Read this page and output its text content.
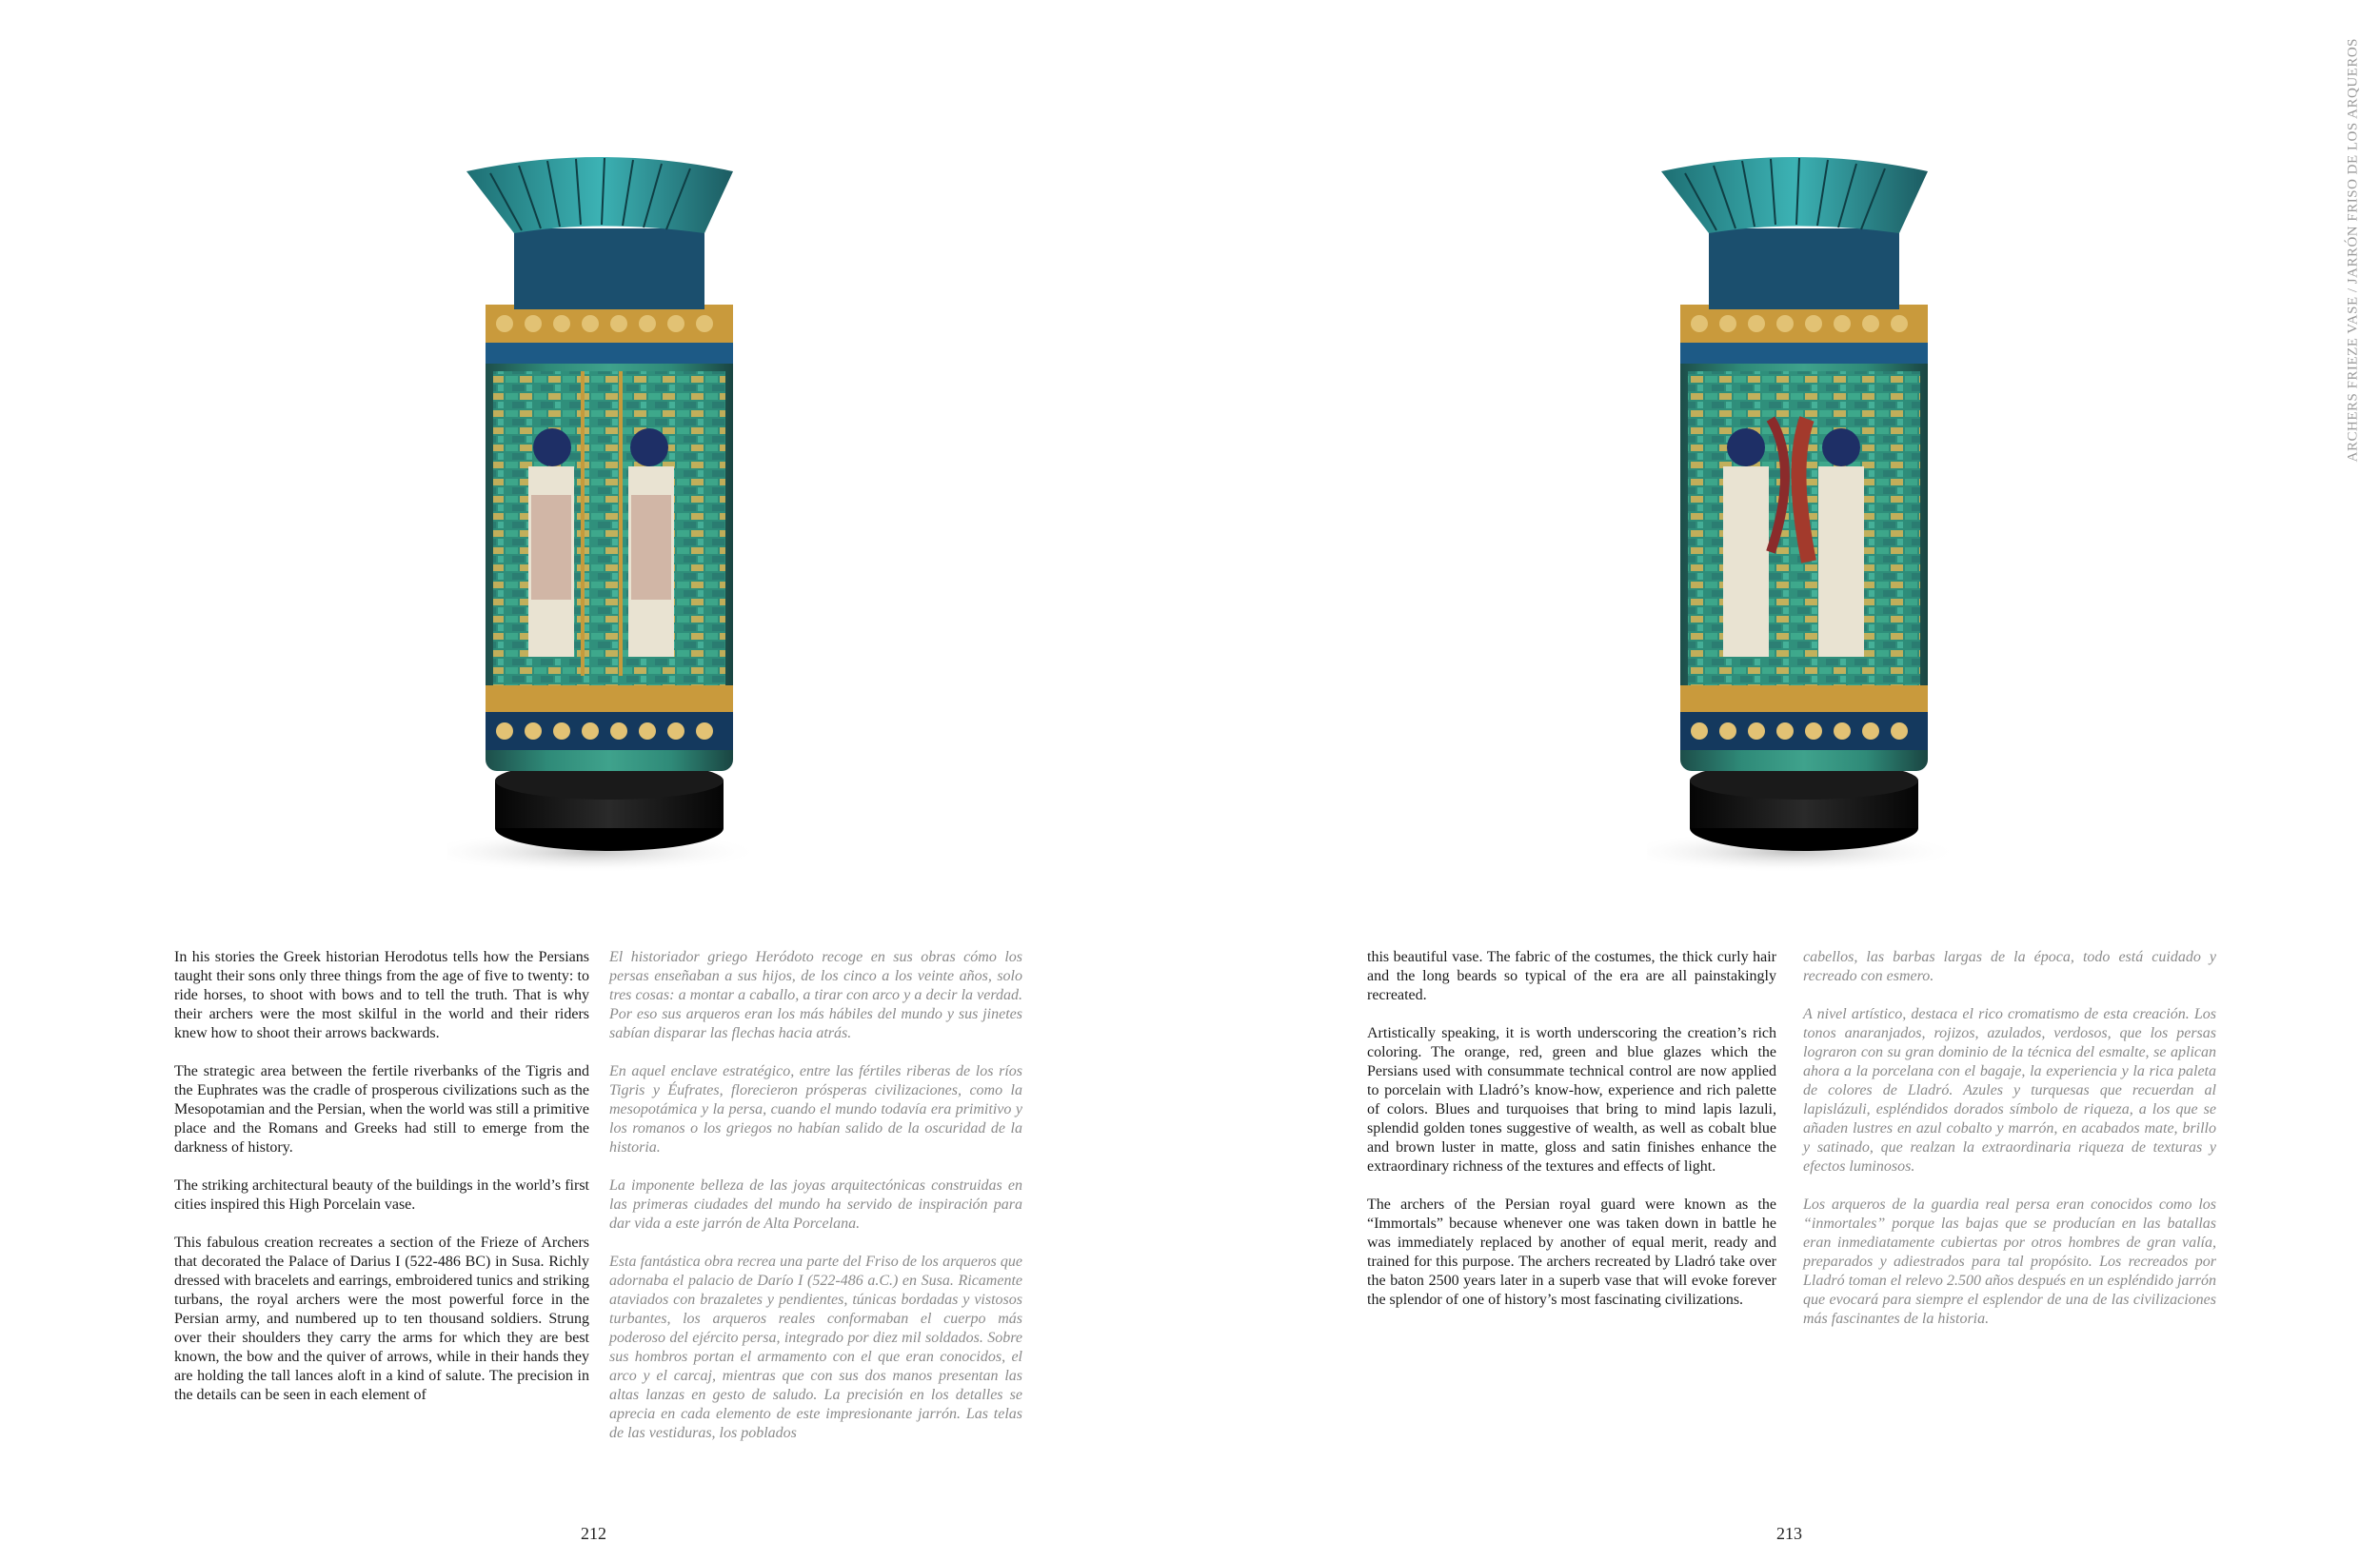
In his stories the Greek historian Herodotus tells how the Persians taught their sons only three things from the age of five to twenty: to ride horses, to shoot with bows and to tell the truth. That is why their archers were the most skilful in the world and their riders knew how to shoot their arrows backwards.

The strategic area between the fertile riverbanks of the Tigris and the Euphrates was the cradle of prosperous civilizations such as the Mesopotamian and the Persian, when the world was still a primitive place and the Romans and Greeks had still to emerge from the darkness of history.

The striking architectural beauty of the buildings in the world’s first cities inspired this High Porcelain vase.

This fabulous creation recreates a section of the Frieze of Archers that decorated the Palace of Darius I (522-486 BC) in Susa. Richly dressed with bracelets and earrings, embroidered tunics and striking turbans, the royal archers were the most powerful force in the Persian army, and numbered up to ten thousand soldiers. Strung over their shoulders they carry the arms for which they are best known, the bow and the quiver of arrows, while in their hands they are holding the tall lances aloft in a kind of salute. The precision in the details can be seen in each element of

El historiador griego Heródoto recoge en sus obras cómo los persas enseñaban a sus hijos, de los cinco a los veinte años, solo tres cosas: a montar a caballo, a tirar con arco y a decir la verdad. Por eso sus arqueros eran los más hábiles del mundo y sus jinetes sabían disparar las flechas hacia atrás.

En aquel enclave estratégico, entre las fértiles riberas de los ríos Tigris y Éufrates, florecieron prósperas civilizaciones, como la mesopotámica y la persa, cuando el mundo todavía era primitivo y los romanos o los griegos no habían salido de la oscuridad de la historia.

La imponente belleza de las joyas arquitectónicas construidas en las primeras ciudades del mundo ha servido de inspiración para dar vida a este jarrón de Alta Porcelana.

Esta fantástica obra recrea una parte del Friso de los arqueros que adornaba el palacio de Darío I (522-486 a.C.) en Susa. Ricamente ataviados con brazaletes y pendientes, túnicas bordadas y vistosos turbantes, los arqueros reales conformaban el cuerpo más poderoso del ejército persa, integrado por diez mil soldados. Sobre sus hombros portan el armamento con el que eran conocidos, el arco y el carcaj, mientras que con sus dos manos presentan las altas lanzas en gesto de saludo. La precisión en los detalles se aprecia en cada elemento de este impresionante jarrón. Las telas de las vestiduras, los poblados

this beautiful vase. The fabric of the costumes, the thick curly hair and the long beards so typical of the era are all painstakingly recreated.

Artistically speaking, it is worth underscoring the creation’s rich coloring. The orange, red, green and blue glazes which the Persians used with consummate technical control are now applied to porcelain with Lladró’s know-how, experience and rich palette of colors. Blues and turquoises that bring to mind lapis lazuli, splendid golden tones suggestive of wealth, as well as cobalt blue and brown luster in matte, gloss and satin finishes enhance the extraordinary richness of the textures and effects of light.

The archers of the Persian royal guard were known as the “Immortals” because whenever one was taken down in battle he was immediately replaced by another of equal merit, ready and trained for this purpose. The archers recreated by Lladró take over the baton 2500 years later in a superb vase that will evoke forever the splendor of one of history’s most fascinating civilizations.

cabellos, las barbas largas de la época, todo está cuidado y recreado con esmero.

A nivel artístico, destaca el rico cromatismo de esta creación. Los tonos anaranjados, rojizos, azulados, verdosos, que los persas lograron con su gran dominio de la técnica del esmalte, se aplican ahora a la porcelana con el bagaje, la experiencia y la rica paleta de colores de Lladró. Azules y turquesas que recuerdan al lapislázuli, espléndidos dorados símbolo de riqueza, a los que se añaden lustres en azul cobalto y marrón, en acabados mate, brillo y satinado, que realzan la extraordinaria riqueza de texturas y efectos luminosos.

Los arqueros de la guardia real persa eran conocidos como los “inmortales” porque las bajas que se producían en las batallas eran inmediatamente cubiertas por otros hombres de gran valía, preparados y adiestrados para tal propósito. Los recreados por Lladró toman el relevo 2.500 años después en un espléndido jarrón que evocará para siempre el esplendor de una de las civilizaciones más fascinantes de la historia.

ARCHERS FRIEZE VASE / JARRÓN FRISO DE LOS ARQUEROS
212	213
